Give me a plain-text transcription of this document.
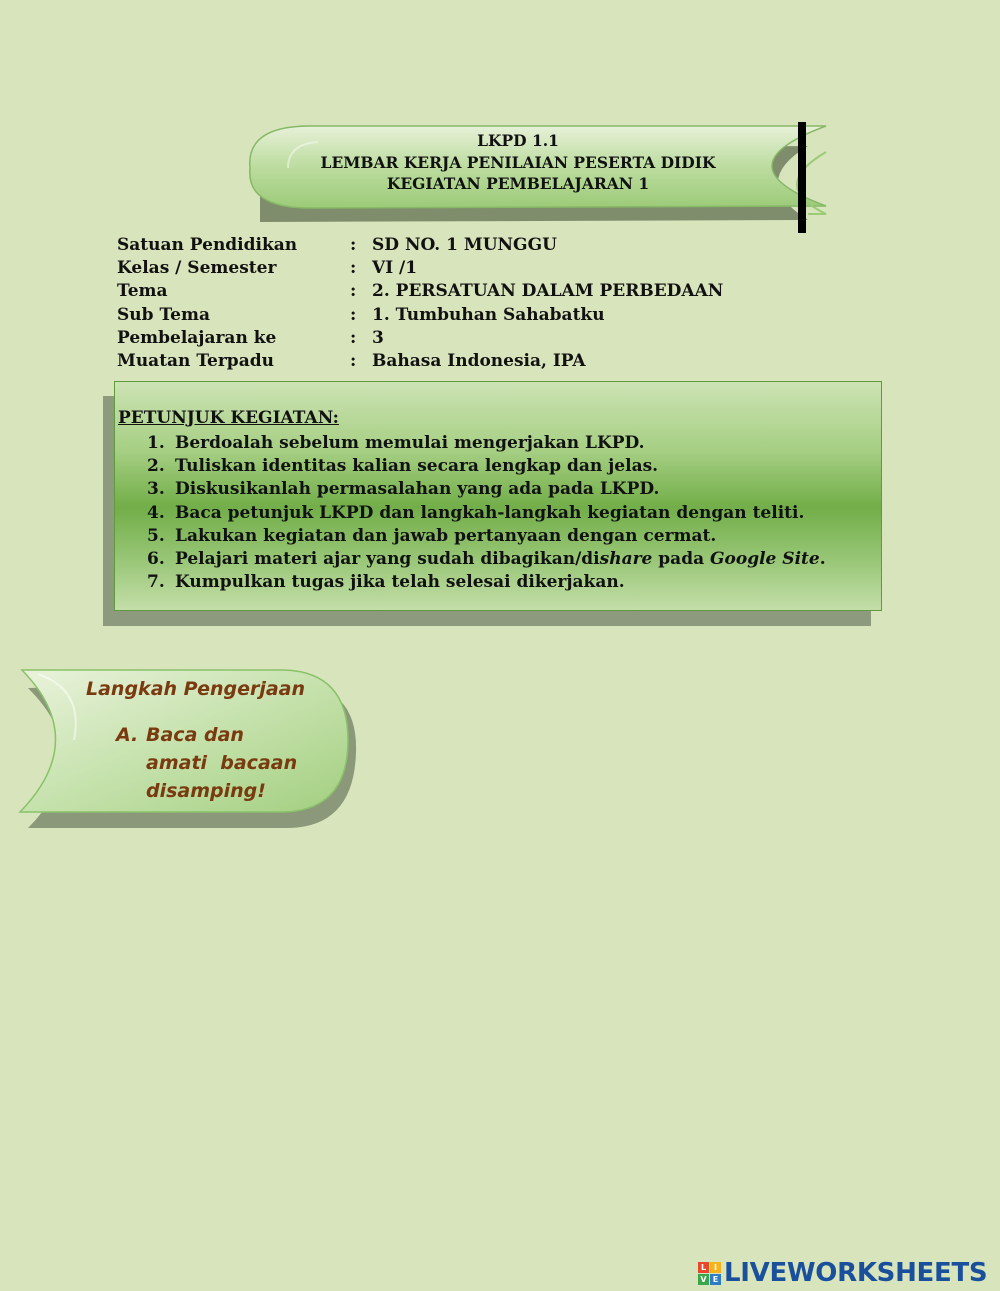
LKPD 1.1
LEMBAR KERJA PENILAIAN PESERTA DIDIK
KEGIATAN PEMBELAJARAN 1
Satuan Pendidikan	: SD NO. 1 MUNGGU
Kelas / Semester	: VI /1
Tema	: 2. PERSATUAN DALAM PERBEDAAN
Sub Tema	: 1. Tumbuhan Sahabatku
Pembelajaran ke	: 3
Muatan Terpadu	: Bahasa Indonesia, IPA
PETUNJUK KEGIATAN:
1. Berdoalah sebelum memulai mengerjakan LKPD.
2. Tuliskan identitas kalian secara lengkap dan jelas.
3. Diskusikanlah permasalahan yang ada pada LKPD.
4. Baca petunjuk LKPD dan langkah-langkah kegiatan dengan teliti.
5. Lakukan kegiatan dan jawab pertanyaan dengan cermat.
6. Pelajari materi ajar yang sudah dibagikan/dishare pada Google Site.
7. Kumpulkan tugas jika telah selesai dikerjakan.
Langkah Pengerjaan
A. Baca dan
amati  bacaan
disamping!
L I
V E LIVEWORKSHEETS
